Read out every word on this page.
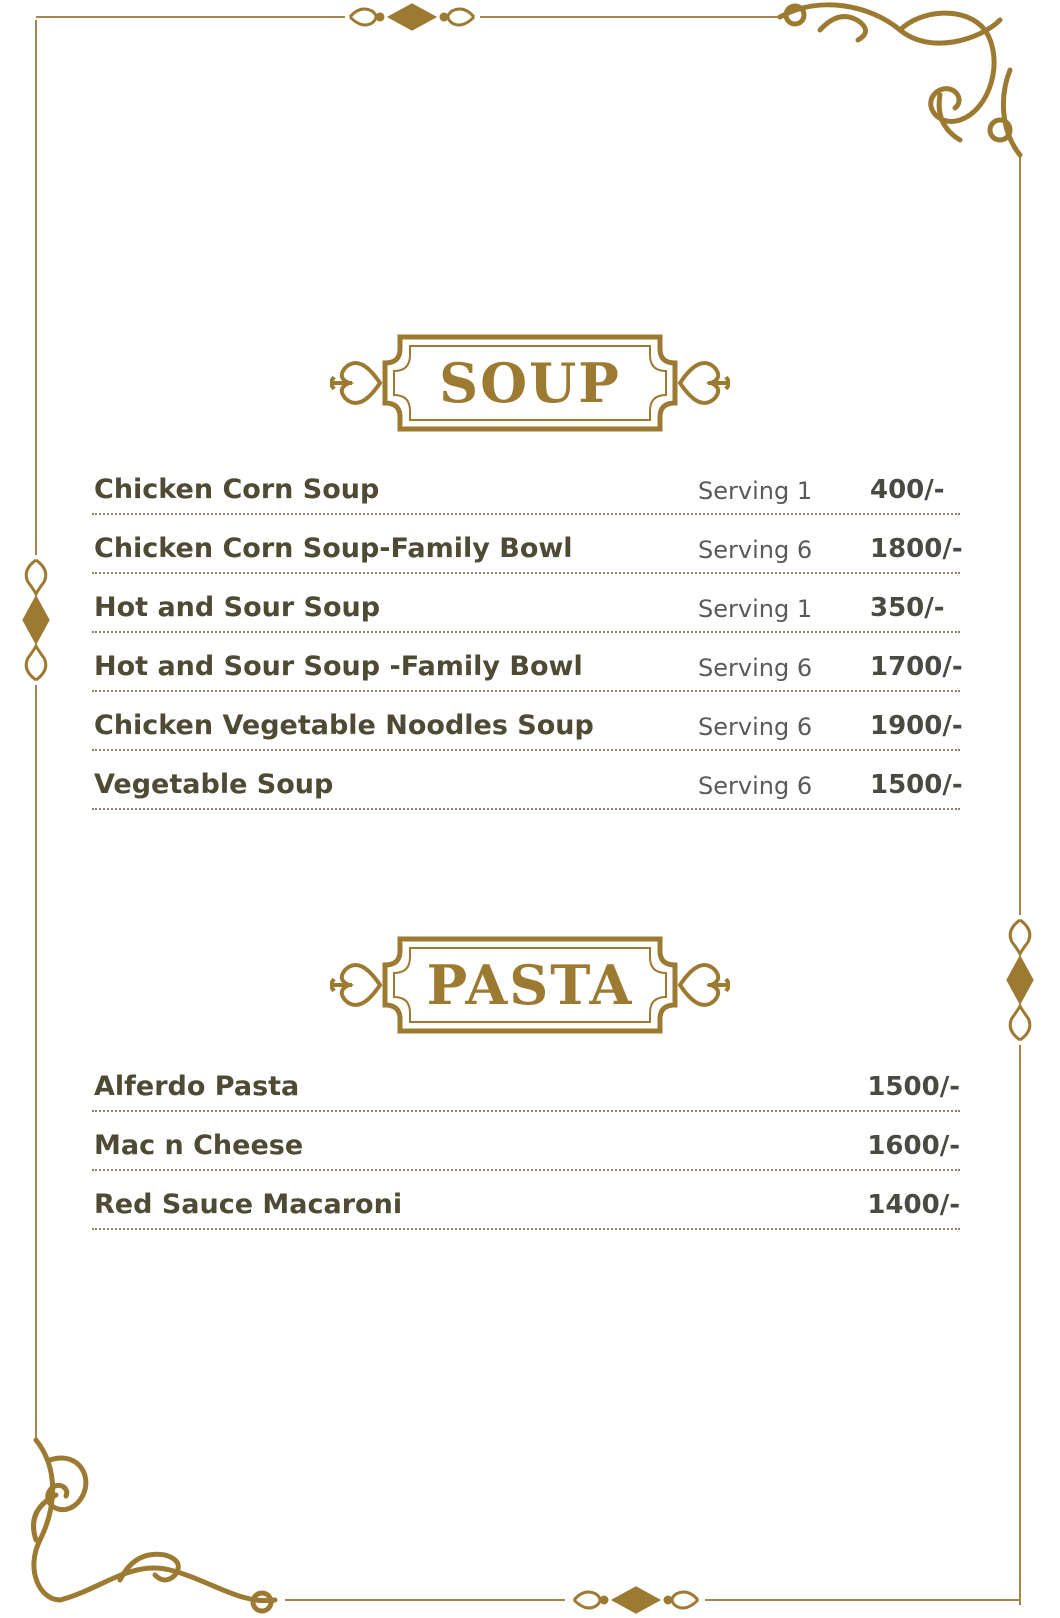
SOUP
Chicken Corn Soup	Serving 1 400/-
Chicken Corn Soup-Family Bowl	Serving 6 1800/-
Hot and Sour Soup	Serving 1 350/-
Hot and Sour Soup -Family Bowl	Serving 6 1700/-
Chicken Vegetable Noodles Soup	Serving 6 1900/-
Vegetable Soup	Serving 6 1500/-
PASTA
Alferdo Pasta	1500/-
Mac n Cheese	1600/-
Red Sauce Macaroni	1400/-
